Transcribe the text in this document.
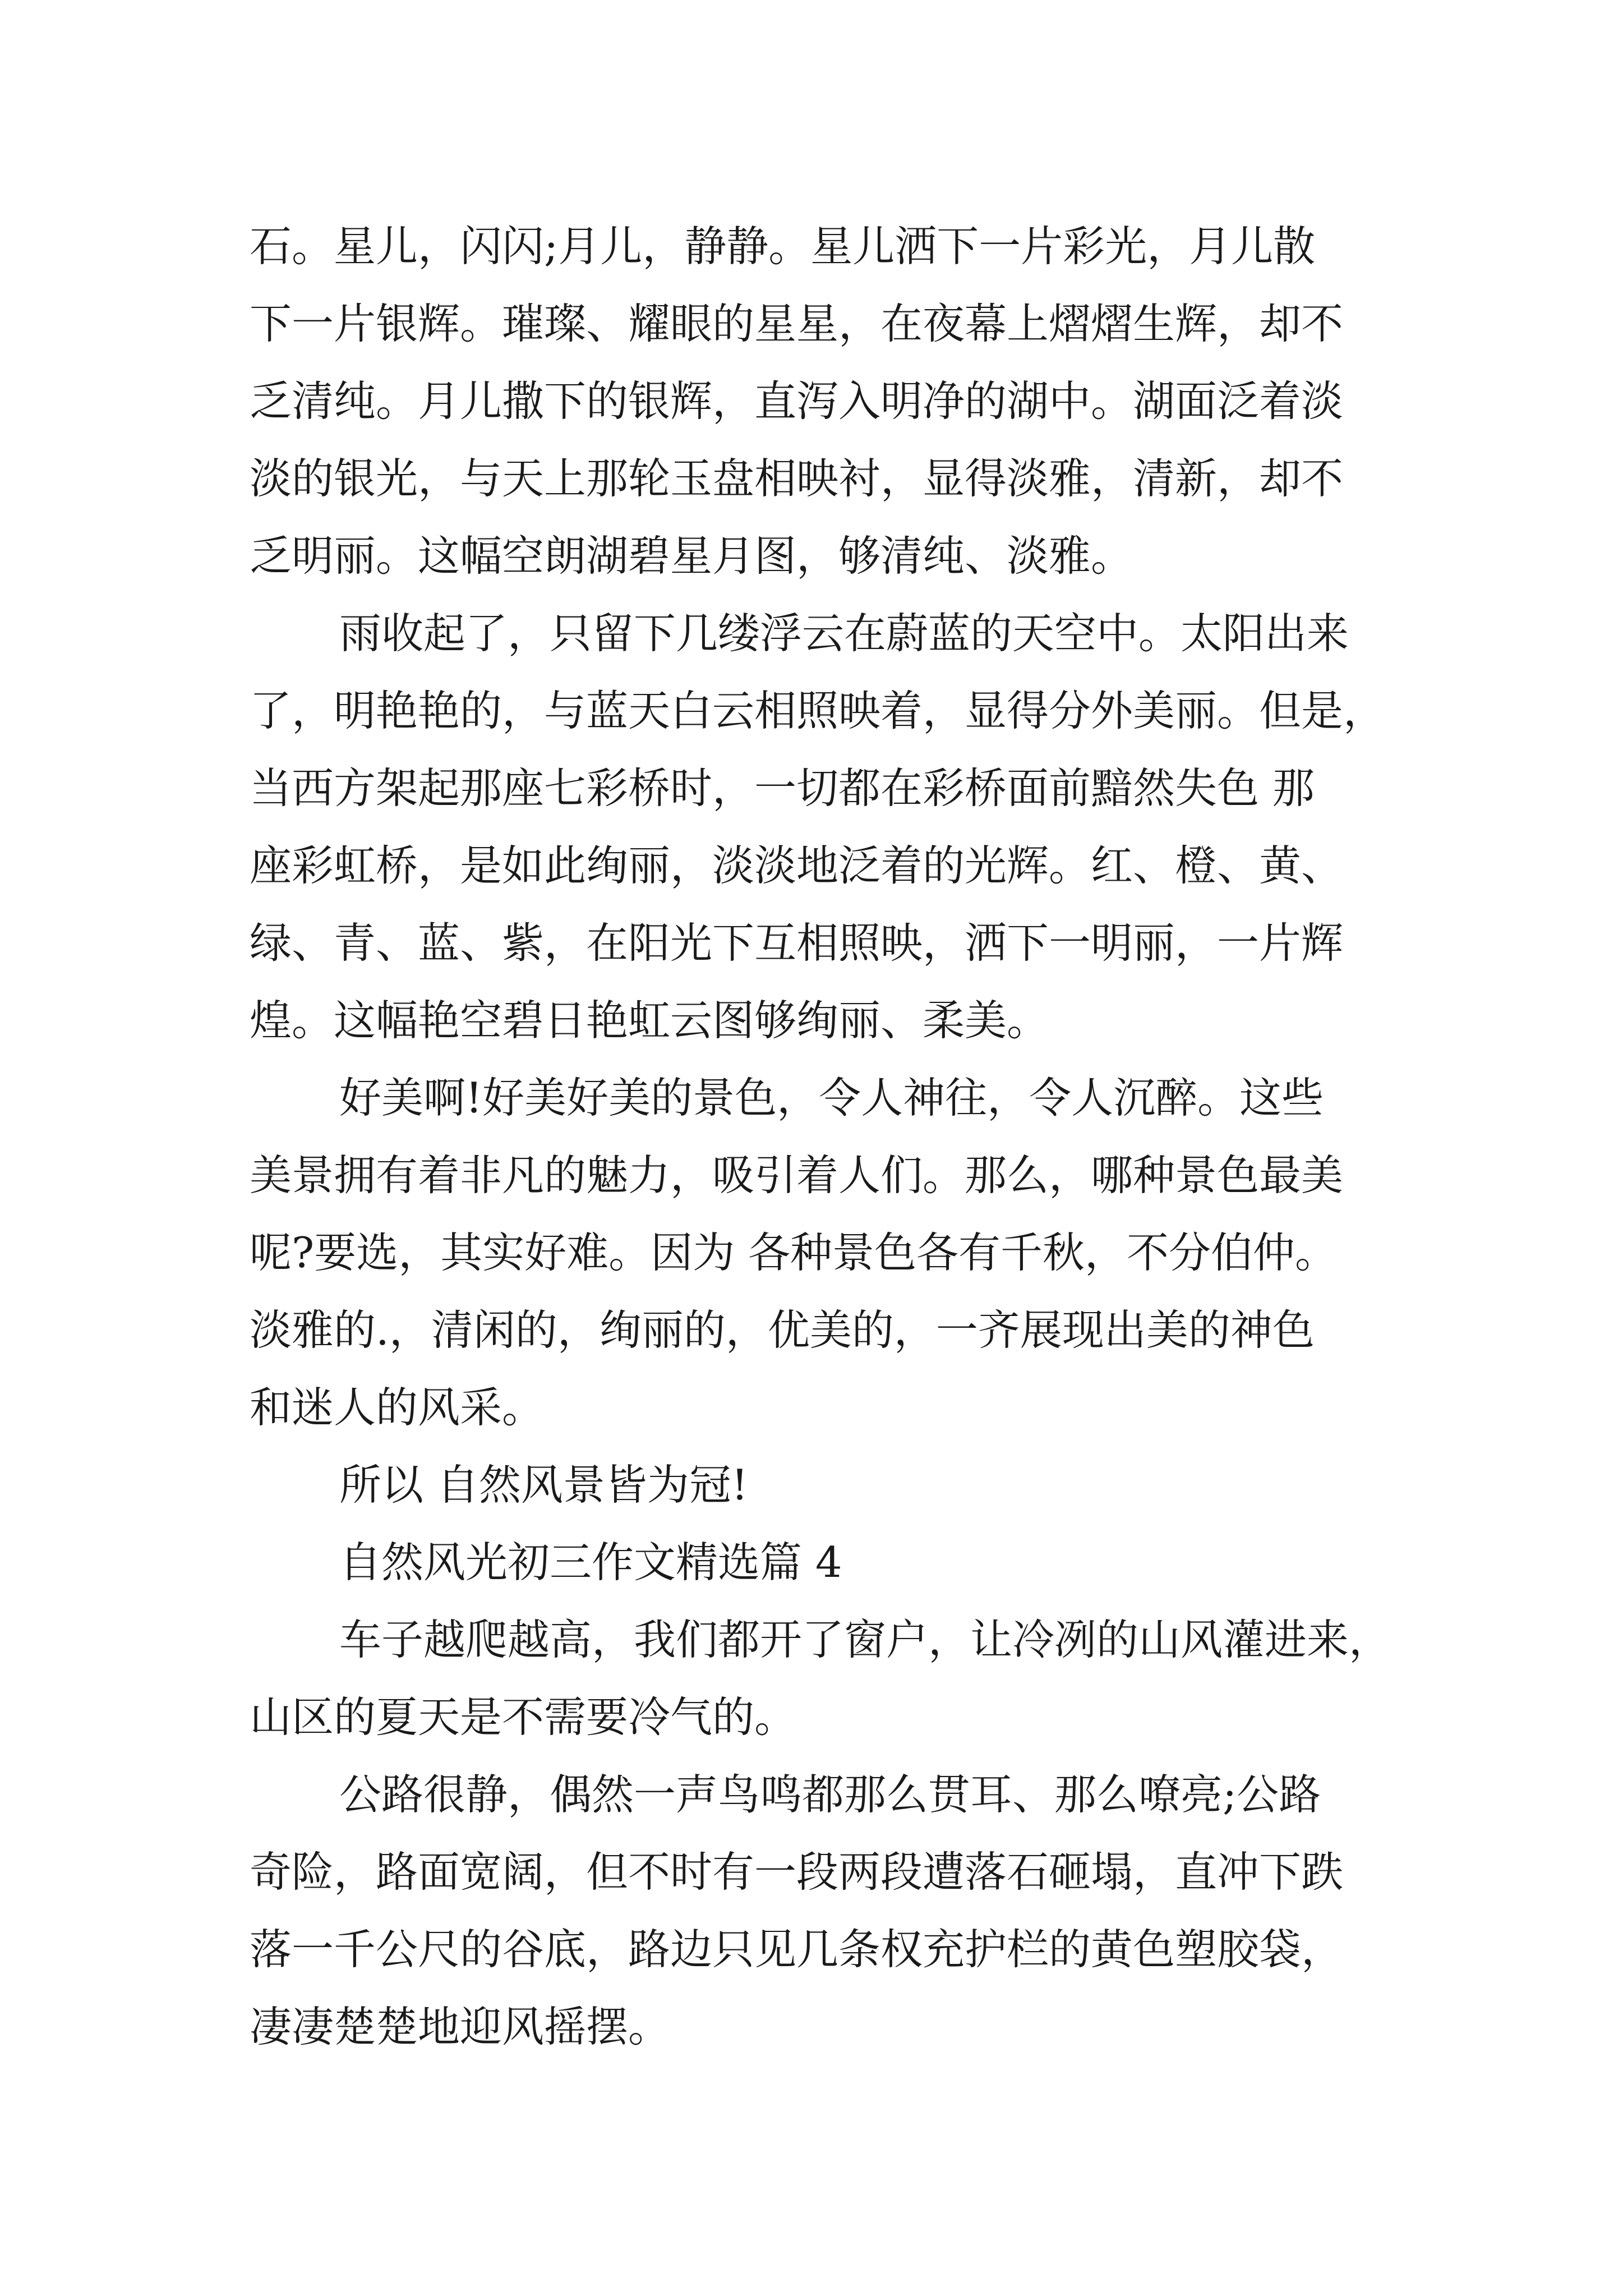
石。星儿，闪闪;月儿，静静。星儿洒下一片彩光，月儿散
下一片银辉。璀璨、耀眼的星星，在夜幕上熠熠生辉，却不
乏清纯。月儿撒下的银辉，直泻入明净的湖中。湖面泛着淡
淡的银光，与天上那轮玉盘相映衬，显得淡雅，清新，却不
乏明丽。这幅空朗湖碧星月图，够清纯、淡雅。
雨收起了，只留下几缕浮云在蔚蓝的天空中。太阳出来
了，明艳艳的，与蓝天白云相照映着，显得分外美丽。但是，
当西方架起那座七彩桥时，一切都在彩桥面前黯然失色 那
座彩虹桥，是如此绚丽，淡淡地泛着的光辉。红、橙、黄、
绿、青、蓝、紫，在阳光下互相照映，洒下一明丽，一片辉
煌。这幅艳空碧日艳虹云图够绚丽、柔美。
好美啊!好美好美的景色，令人神往，令人沉醉。这些
美景拥有着非凡的魅力，吸引着人们。那么，哪种景色最美
呢?要选，其实好难。因为 各种景色各有千秋，不分伯仲。
淡雅的.，清闲的，绚丽的，优美的，一齐展现出美的神色
和迷人的风采。
所以 自然风景皆为冠!
自然风光初三作文精选篇 4
车子越爬越高，我们都开了窗户，让冷冽的山风灌进来，
山区的夏天是不需要冷气的。
公路很静，偶然一声鸟鸣都那么贯耳、那么嘹亮;公路
奇险，路面宽阔，但不时有一段两段遭落石砸塌，直冲下跌
落一千公尺的谷底，路边只见几条权充护栏的黄色塑胶袋，
凄凄楚楚地迎风摇摆。
